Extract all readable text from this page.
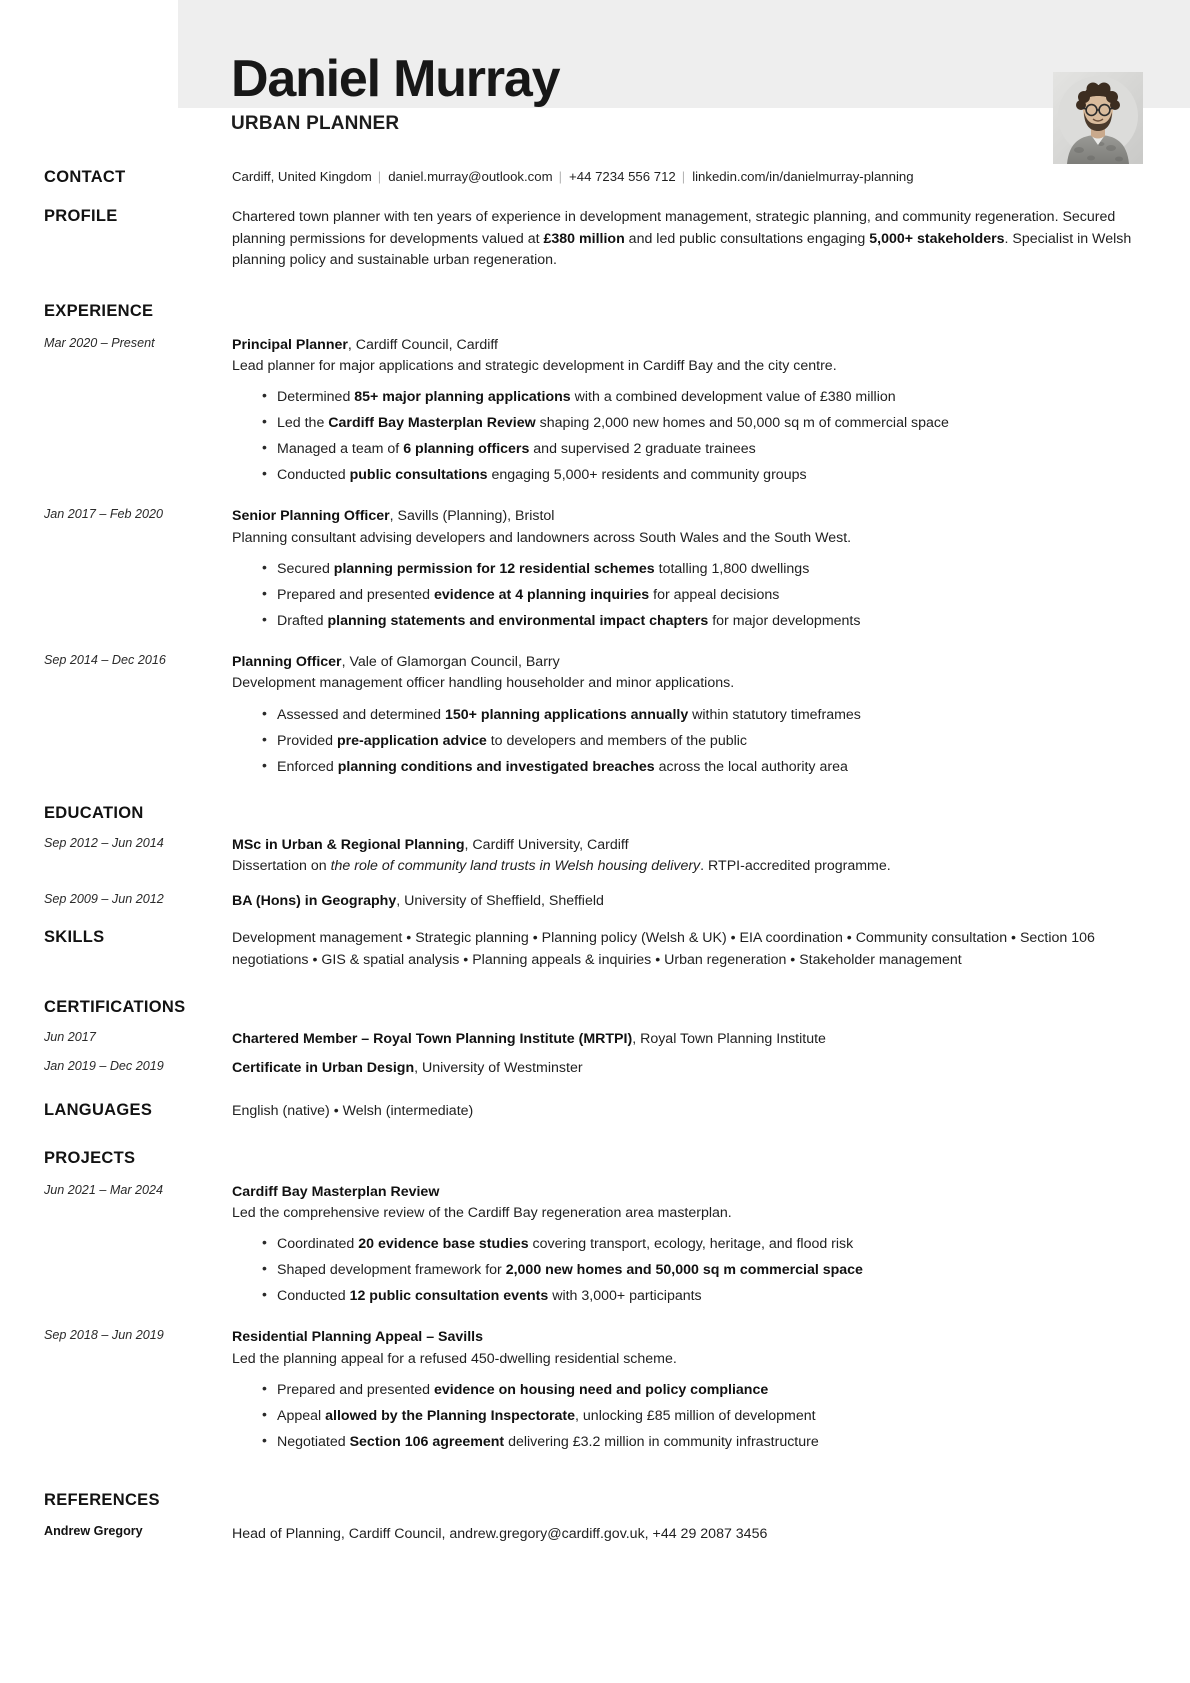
Daniel Murray
URBAN PLANNER
CONTACT	Cardiff, United Kingdom | daniel.murray@outlook.com | +44 7234 556 712 | linkedin.com/in/danielmurray-planning
PROFILE	Chartered town planner with ten years of experience in development management, strategic planning, and community regeneration. Secured planning permissions for developments valued at £380 million and led public consultations engaging 5,000+ stakeholders. Specialist in Welsh planning policy and sustainable urban regeneration.
EXPERIENCE
Mar 2020 – Present	Principal Planner, Cardiff Council, Cardiff
Lead planner for major applications and strategic development in Cardiff Bay and the city centre.
• Determined 85+ major planning applications with a combined development value of £380 million
• Led the Cardiff Bay Masterplan Review shaping 2,000 new homes and 50,000 sq m of commercial space
• Managed a team of 6 planning officers and supervised 2 graduate trainees
• Conducted public consultations engaging 5,000+ residents and community groups
Jan 2017 – Feb 2020	Senior Planning Officer, Savills (Planning), Bristol
Planning consultant advising developers and landowners across South Wales and the South West.
• Secured planning permission for 12 residential schemes totalling 1,800 dwellings
• Prepared and presented evidence at 4 planning inquiries for appeal decisions
• Drafted planning statements and environmental impact chapters for major developments
Sep 2014 – Dec 2016	Planning Officer, Vale of Glamorgan Council, Barry
Development management officer handling householder and minor applications.
• Assessed and determined 150+ planning applications annually within statutory timeframes
• Provided pre-application advice to developers and members of the public
• Enforced planning conditions and investigated breaches across the local authority area
EDUCATION
Sep 2012 – Jun 2014	MSc in Urban & Regional Planning, Cardiff University, Cardiff
Dissertation on the role of community land trusts in Welsh housing delivery. RTPI-accredited programme.
Sep 2009 – Jun 2012	BA (Hons) in Geography, University of Sheffield, Sheffield
SKILLS	Development management • Strategic planning • Planning policy (Welsh & UK) • EIA coordination • Community consultation • Section 106 negotiations • GIS & spatial analysis • Planning appeals & inquiries • Urban regeneration • Stakeholder management
CERTIFICATIONS
Jun 2017	Chartered Member – Royal Town Planning Institute (MRTPI), Royal Town Planning Institute
Jan 2019 – Dec 2019	Certificate in Urban Design, University of Westminster
LANGUAGES	English (native) • Welsh (intermediate)
PROJECTS
Jun 2021 – Mar 2024	Cardiff Bay Masterplan Review
Led the comprehensive review of the Cardiff Bay regeneration area masterplan.
• Coordinated 20 evidence base studies covering transport, ecology, heritage, and flood risk
• Shaped development framework for 2,000 new homes and 50,000 sq m commercial space
• Conducted 12 public consultation events with 3,000+ participants
Sep 2018 – Jun 2019	Residential Planning Appeal – Savills
Led the planning appeal for a refused 450-dwelling residential scheme.
• Prepared and presented evidence on housing need and policy compliance
• Appeal allowed by the Planning Inspectorate, unlocking £85 million of development
• Negotiated Section 106 agreement delivering £3.2 million in community infrastructure
REFERENCES
Andrew Gregory	Head of Planning, Cardiff Council, andrew.gregory@cardiff.gov.uk, +44 29 2087 3456
